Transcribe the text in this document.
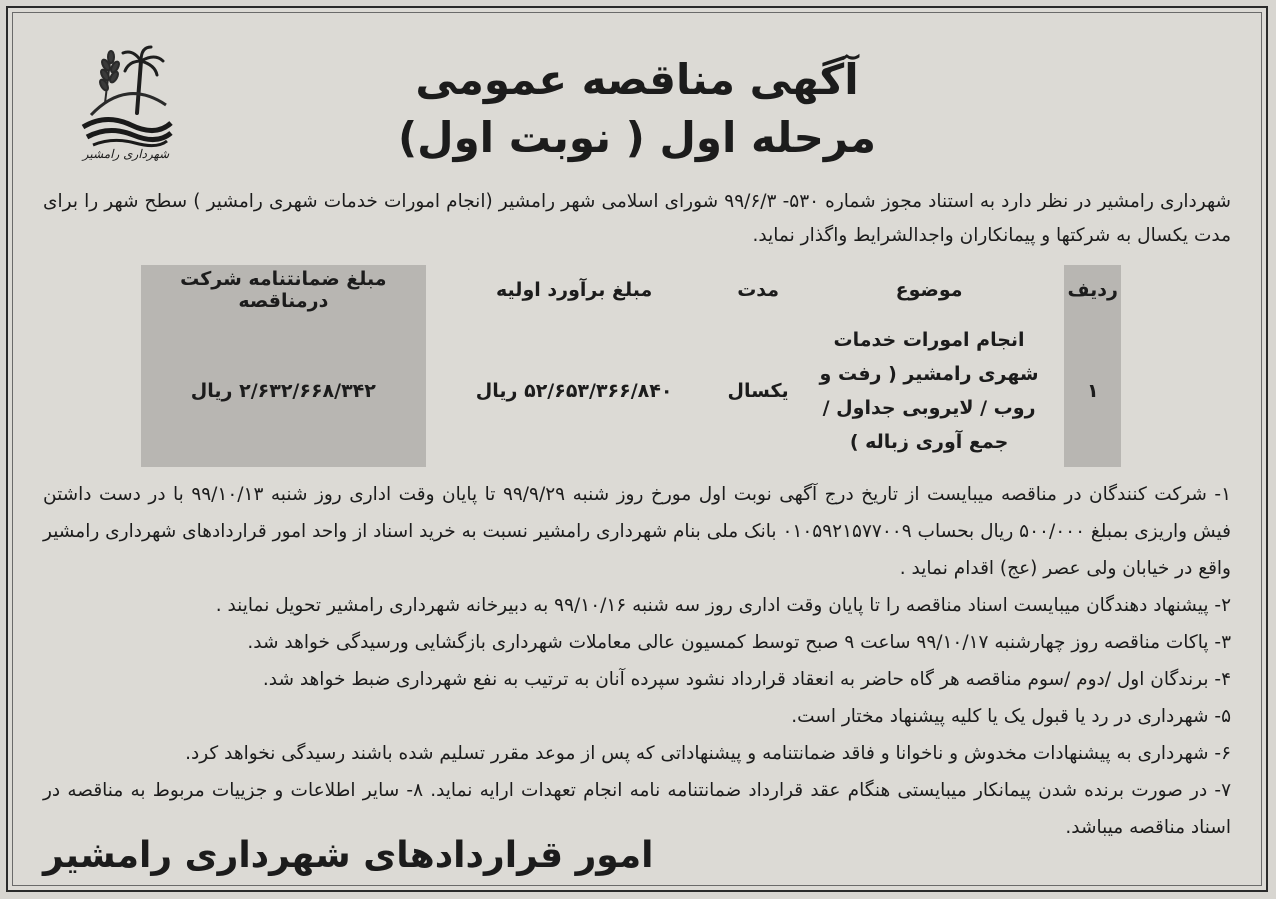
شهرداری رامشیر
آگهی مناقصه عمومی
مرحله اول ( نوبت اول)
شهرداری رامشیر در نظر دارد به استناد مجوز شماره ۵۳۰- ۹۹/۶/۳ شورای اسلامی شهر رامشیر (انجام امورات خدمات شهری رامشیر ) سطح شهر را برای مدت یکسال به شرکتها و پیمانکاران واجدالشرایط واگذار نماید.
ردیف	موضوع	مدت	مبلغ برآورد اولیه	مبلغ ضمانتنامه شرکت درمناقصه
۱	انجام امورات خدمات شهری رامشیر ( رفت و روب / لایروبی جداول / جمع آوری زباله )	یکسال	۵۲/۶۵۳/۳۶۶/۸۴۰ ریال	۲/۶۳۲/۶۶۸/۳۴۲ ریال

۱- شرکت کنندگان در مناقصه میبایست از تاریخ درج آگهی نوبت اول مورخ روز شنبه ۹۹/۹/۲۹ تا پایان وقت اداری روز شنبه ۹۹/۱۰/۱۳ با در دست داشتن فیش واریزی بمبلغ ۵۰۰/۰۰۰ ریال بحساب ۰۱۰۵۹۲۱۵۷۷۰۰۹ بانک ملی بنام شهرداری رامشیر نسبت به خرید اسناد از واحد امور قراردادهای شهرداری رامشیر واقع در خیابان ولی عصر (عج) اقدام نماید .

۲- پیشنهاد دهندگان میبایست اسناد مناقصه را تا پایان وقت اداری روز سه شنبه ۹۹/۱۰/۱۶ به دبیرخانه شهرداری رامشیر تحویل نمایند .

۳- پاکات مناقصه روز چهارشنبه ۹۹/۱۰/۱۷ ساعت ۹ صبح توسط کمسیون عالی معاملات شهرداری بازگشایی ورسیدگی خواهد شد.

۴- برندگان اول /دوم /سوم مناقصه هر گاه حاضر به انعقاد قرارداد نشود سپرده آنان به ترتیب به نفع شهرداری ضبط خواهد شد.

۵- شهرداری در رد یا قبول یک یا کلیه پیشنهاد مختار است.

۶- شهرداری به پیشنهادات مخدوش و ناخوانا و فاقد ضمانتنامه و پیشنهاداتی که پس از موعد مقرر تسلیم شده باشند رسیدگی نخواهد کرد.

۷- در صورت برنده شدن پیمانکار میبایستی هنگام عقد قرارداد ضمانتنامه نامه انجام تعهدات ارایه نماید. ۸- سایر اطلاعات و جزییات مربوط به مناقصه در اسناد مناقصه میباشد.

امور قراردادهای شهرداری رامشیر
